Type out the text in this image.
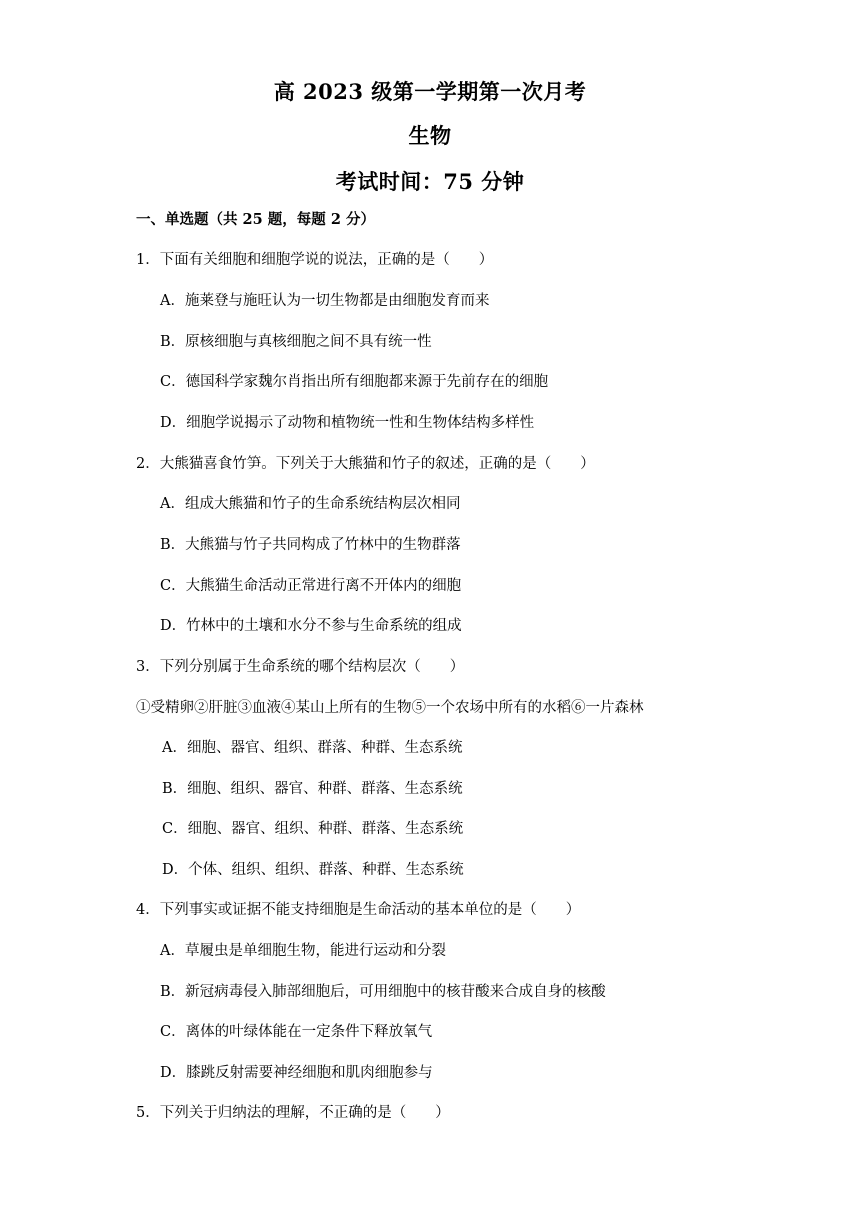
高 2023 级第一学期第一次月考
生物
考试时间：75 分钟
一、单选题（共 25 题，每题 2 分）
1．下面有关细胞和细胞学说的说法，正确的是（　　）
A．施莱登与施旺认为一切生物都是由细胞发育而来
B．原核细胞与真核细胞之间不具有统一性
C．德国科学家魏尔肖指出所有细胞都来源于先前存在的细胞
D．细胞学说揭示了动物和植物统一性和生物体结构多样性
2．大熊猫喜食竹笋。下列关于大熊猫和竹子的叙述，正确的是（　　）
A．组成大熊猫和竹子的生命系统结构层次相同
B．大熊猫与竹子共同构成了竹林中的生物群落
C．大熊猫生命活动正常进行离不开体内的细胞
D．竹林中的土壤和水分不参与生命系统的组成
3．下列分别属于生命系统的哪个结构层次（　　）
①受精卵②肝脏③血液④某山上所有的生物⑤一个农场中所有的水稻⑥一片森林
A．细胞、器官、组织、群落、种群、生态系统
B．细胞、组织、器官、种群、群落、生态系统
C．细胞、器官、组织、种群、群落、生态系统
D．个体、组织、组织、群落、种群、生态系统
4．下列事实或证据不能支持细胞是生命活动的基本单位的是（　　）
A．草履虫是单细胞生物，能进行运动和分裂
B．新冠病毒侵入肺部细胞后，可用细胞中的核苷酸来合成自身的核酸
C．离体的叶绿体能在一定条件下释放氧气
D．膝跳反射需要神经细胞和肌肉细胞参与
5．下列关于归纳法的理解，不正确的是（　　）
